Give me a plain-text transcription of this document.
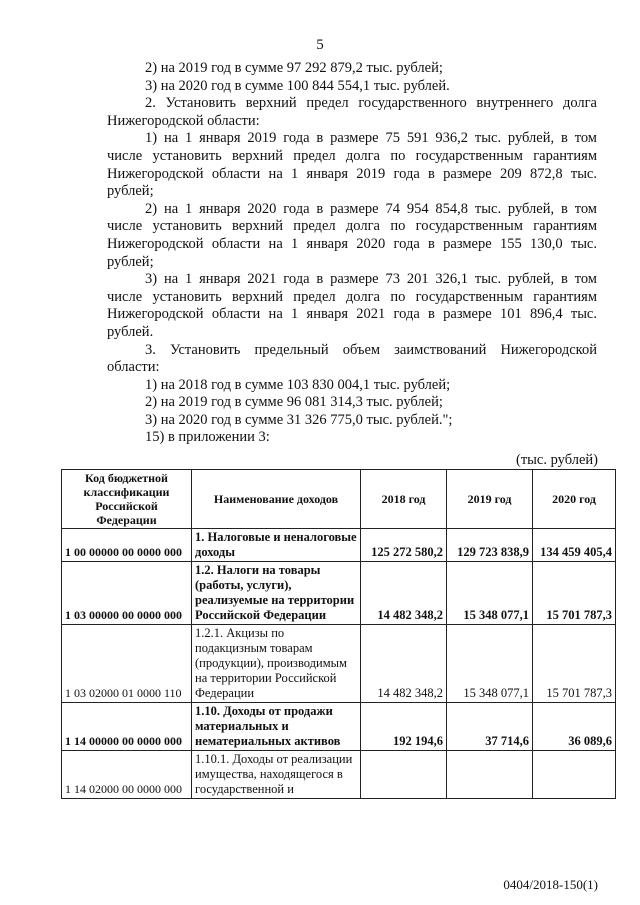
5
2) на 2019 год в сумме 97 292 879,2 тыс. рублей;
3) на 2020 год в сумме 100 844 554,1 тыс. рублей.
2. Установить верхний предел государственного внутреннего долга
Нижегородской области:
1) на 1 января 2019 года в размере 75 591 936,2 тыс. рублей, в том
числе установить верхний предел долга по государственным гарантиям
Нижегородской области на 1 января 2019 года в размере 209 872,8 тыс.
рублей;
2) на 1 января 2020 года в размере 74 954 854,8 тыс. рублей, в том
числе установить верхний предел долга по государственным гарантиям
Нижегородской области на 1 января 2020 года в размере 155 130,0 тыс.
рублей;
3) на 1 января 2021 года в размере 73 201 326,1 тыс. рублей, в том
числе установить верхний предел долга по государственным гарантиям
Нижегородской области на 1 января 2021 года в размере 101 896,4 тыс.
рублей.
3. Установить предельный объем заимствований Нижегородской
области:
1) на 2018 год в сумме 103 830 004,1 тыс. рублей;
2) на 2019 год в сумме 96 081 314,3 тыс. рублей;
3) на 2020 год в сумме 31 326 775,0 тыс. рублей.";
15) в приложении 3:
(тыс. рублей)
Код бюджетной классификации Российской Федерации	Наименование доходов	2018 год	2019 год	2020 год
1 00 00000 00 0000 000	1. Налоговые и неналоговые доходы	125 272 580,2	129 723 838,9	134 459 405,4
1 03 00000 00 0000 000	1.2. Налоги на товары (работы, услуги), реализуемые на территории Российской Федерации	14 482 348,2	15 348 077,1	15 701 787,3
1 03 02000 01 0000 110	1.2.1. Акцизы по подакцизным товарам (продукции), производимым на территории Российской Федерации	14 482 348,2	15 348 077,1	15 701 787,3
1 14 00000 00 0000 000	1.10. Доходы от продажи материальных и нематериальных активов	192 194,6	37 714,6	36 089,6
1 14 02000 00 0000 000	1.10.1. Доходы от реализации имущества, находящегося в государственной и			
0404/2018-150(1)
